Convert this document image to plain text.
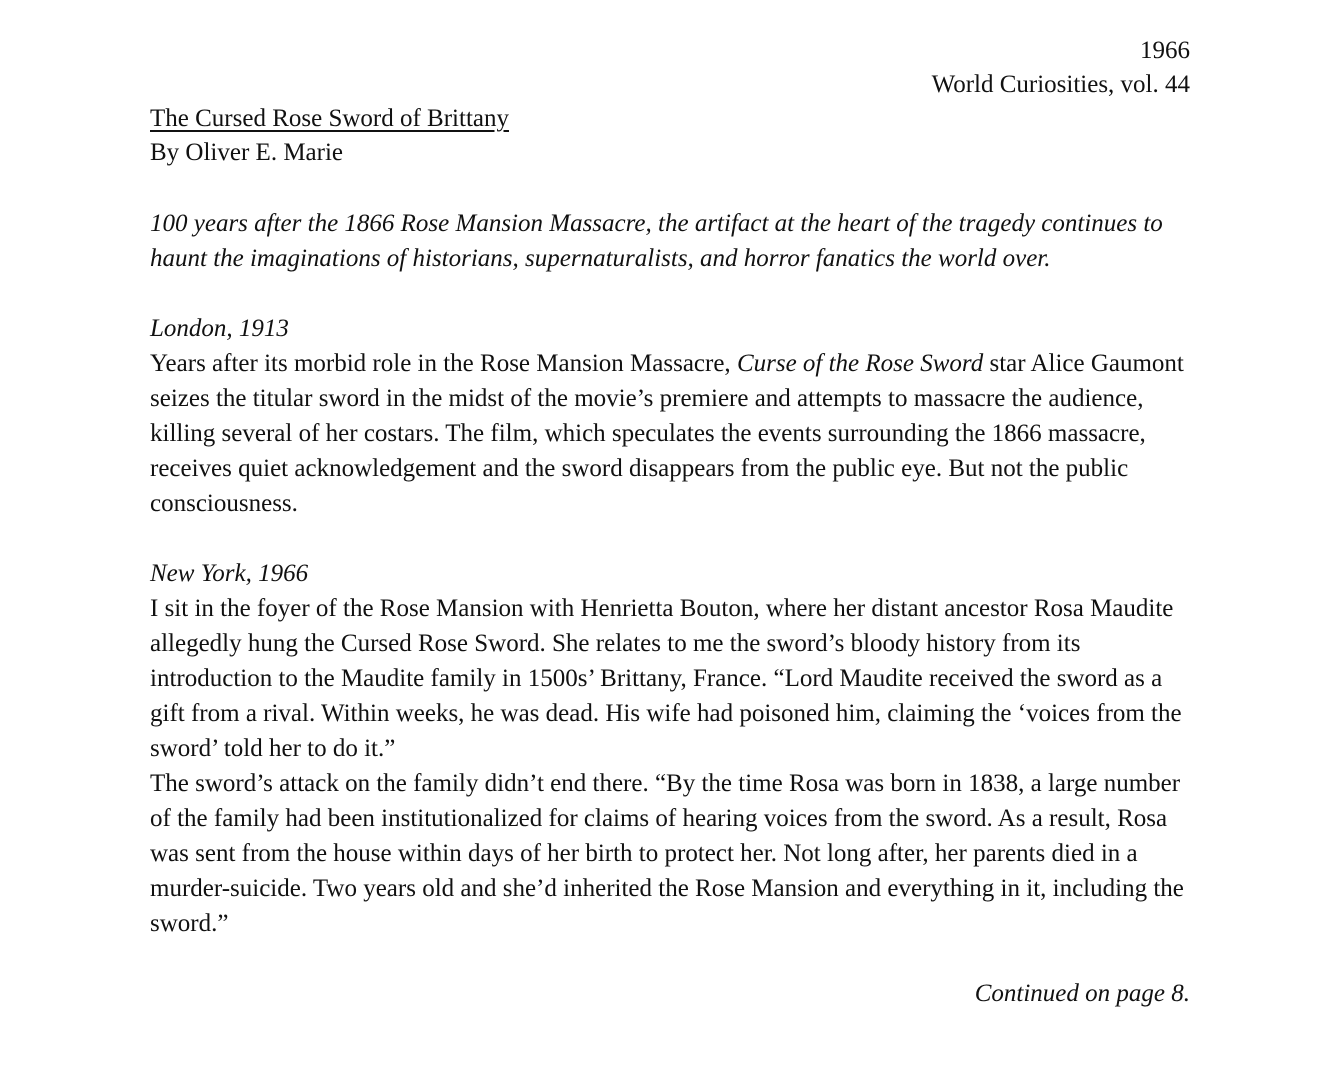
1966
World Curiosities, vol. 44
The Cursed Rose Sword of Brittany
By Oliver E. Marie

100 years after the 1866 Rose Mansion Massacre, the artifact at the heart of the tragedy continues to haunt the imaginations of historians, supernaturalists, and horror fanatics the world over.

London, 1913

Years after its morbid role in the Rose Mansion Massacre, Curse of the Rose Sword star Alice Gaumont seizes the titular sword in the midst of the movie’s premiere and attempts to massacre the audience, killing several of her costars. The film, which speculates the events surrounding the 1866 massacre, receives quiet acknowledgement and the sword disappears from the public eye. But not the public consciousness.

New York, 1966

I sit in the foyer of the Rose Mansion with Henrietta Bouton, where her distant ancestor Rosa Maudite allegedly hung the Cursed Rose Sword. She relates to me the sword’s bloody history from its introduction to the Maudite family in 1500s’ Brittany, France. “Lord Maudite received the sword as a gift from a rival. Within weeks, he was dead. His wife had poisoned him, claiming the ‘voices from the sword’ told her to do it.”

The sword’s attack on the family didn’t end there. “By the time Rosa was born in 1838, a large number of the family had been institutionalized for claims of hearing voices from the sword. As a result, Rosa was sent from the house within days of her birth to protect her. Not long after, her parents died in a murder-suicide. Two years old and she’d inherited the Rose Mansion and everything in it, including the sword.”

Continued on page 8.
